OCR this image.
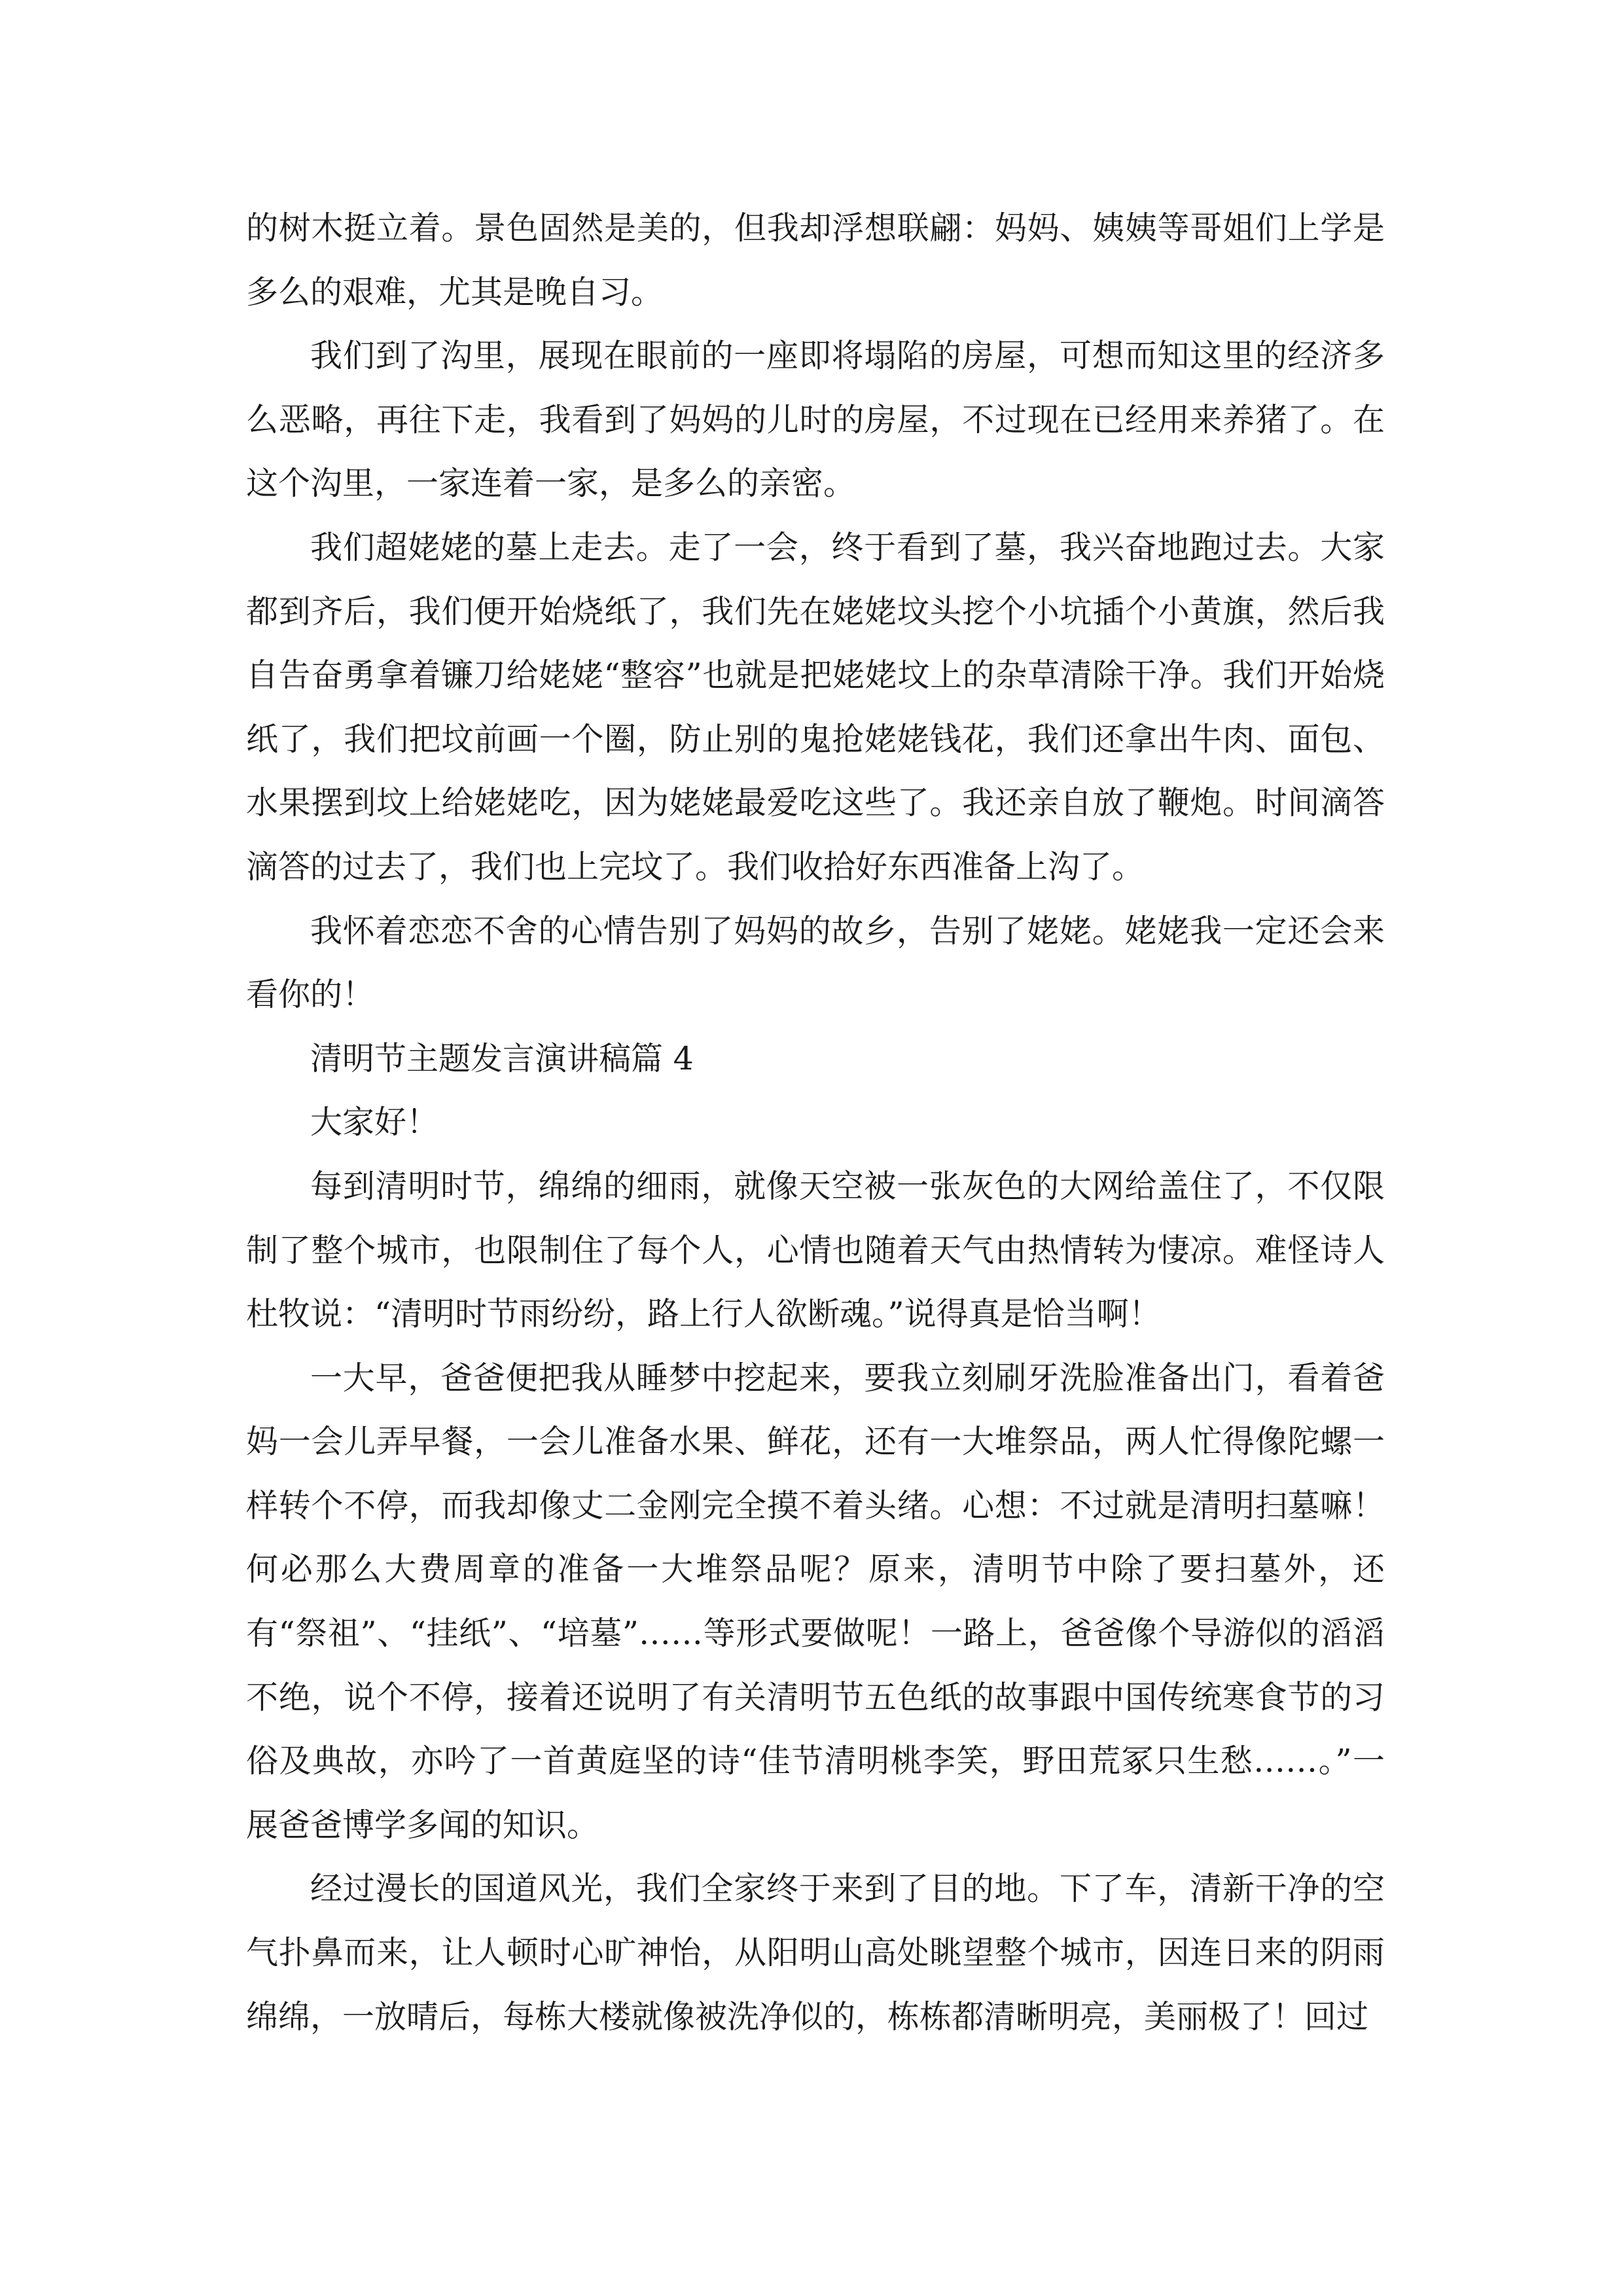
的树木挺立着。景色固然是美的，但我却浮想联翩：妈妈、姨姨等哥姐们上学是多么的艰难，尤其是晚自习。

我们到了沟里，展现在眼前的一座即将塌陷的房屋，可想而知这里的经济多么恶略，再往下走，我看到了妈妈的儿时的房屋，不过现在已经用来养猪了。在这个沟里，一家连着一家，是多么的亲密。

我们超姥姥的墓上走去。走了一会，终于看到了墓，我兴奋地跑过去。大家都到齐后，我们便开始烧纸了，我们先在姥姥坟头挖个小坑插个小黄旗，然后我自告奋勇拿着镰刀给姥姥“整容”也就是把姥姥坟上的杂草清除干净。我们开始烧纸了，我们把坟前画一个圈，防止别的鬼抢姥姥钱花，我们还拿出牛肉、面包、水果摆到坟上给姥姥吃，因为姥姥最爱吃这些了。我还亲自放了鞭炮。时间滴答滴答的过去了，我们也上完坟了。我们收拾好东西准备上沟了。

我怀着恋恋不舍的心情告别了妈妈的故乡，告别了姥姥。姥姥我一定还会来看你的！

清明节主题发言演讲稿篇 4

大家好！

每到清明时节，绵绵的细雨，就像天空被一张灰色的大网给盖住了，不仅限制了整个城市，也限制住了每个人，心情也随着天气由热情转为悽凉。难怪诗人杜牧说：“清明时节雨纷纷，路上行人欲断魂。”说得真是恰当啊！

一大早，爸爸便把我从睡梦中挖起来，要我立刻刷牙洗脸准备出门，看着爸妈一会儿弄早餐，一会儿准备水果、鲜花，还有一大堆祭品，两人忙得像陀螺一样转个不停，而我却像丈二金刚完全摸不着头绪。心想：不过就是清明扫墓嘛！何必那么大费周章的准备一大堆祭品呢？原来，清明节中除了要扫墓外，还有“祭祖”、“挂纸”、“培墓”……等形式要做呢！一路上，爸爸像个导游似的滔滔不绝，说个不停，接着还说明了有关清明节五色纸的故事跟中国传统寒食节的习俗及典故，亦吟了一首黄庭坚的诗“佳节清明桃李笑，野田荒冢只生愁……。”一展爸爸博学多闻的知识。

经过漫长的国道风光，我们全家终于来到了目的地。下了车，清新干净的空气扑鼻而来，让人顿时心旷神怡，从阳明山高处眺望整个城市，因连日来的阴雨绵绵，一放晴后，每栋大楼就像被洗净似的，栋栋都清晰明亮，美丽极了！回过
